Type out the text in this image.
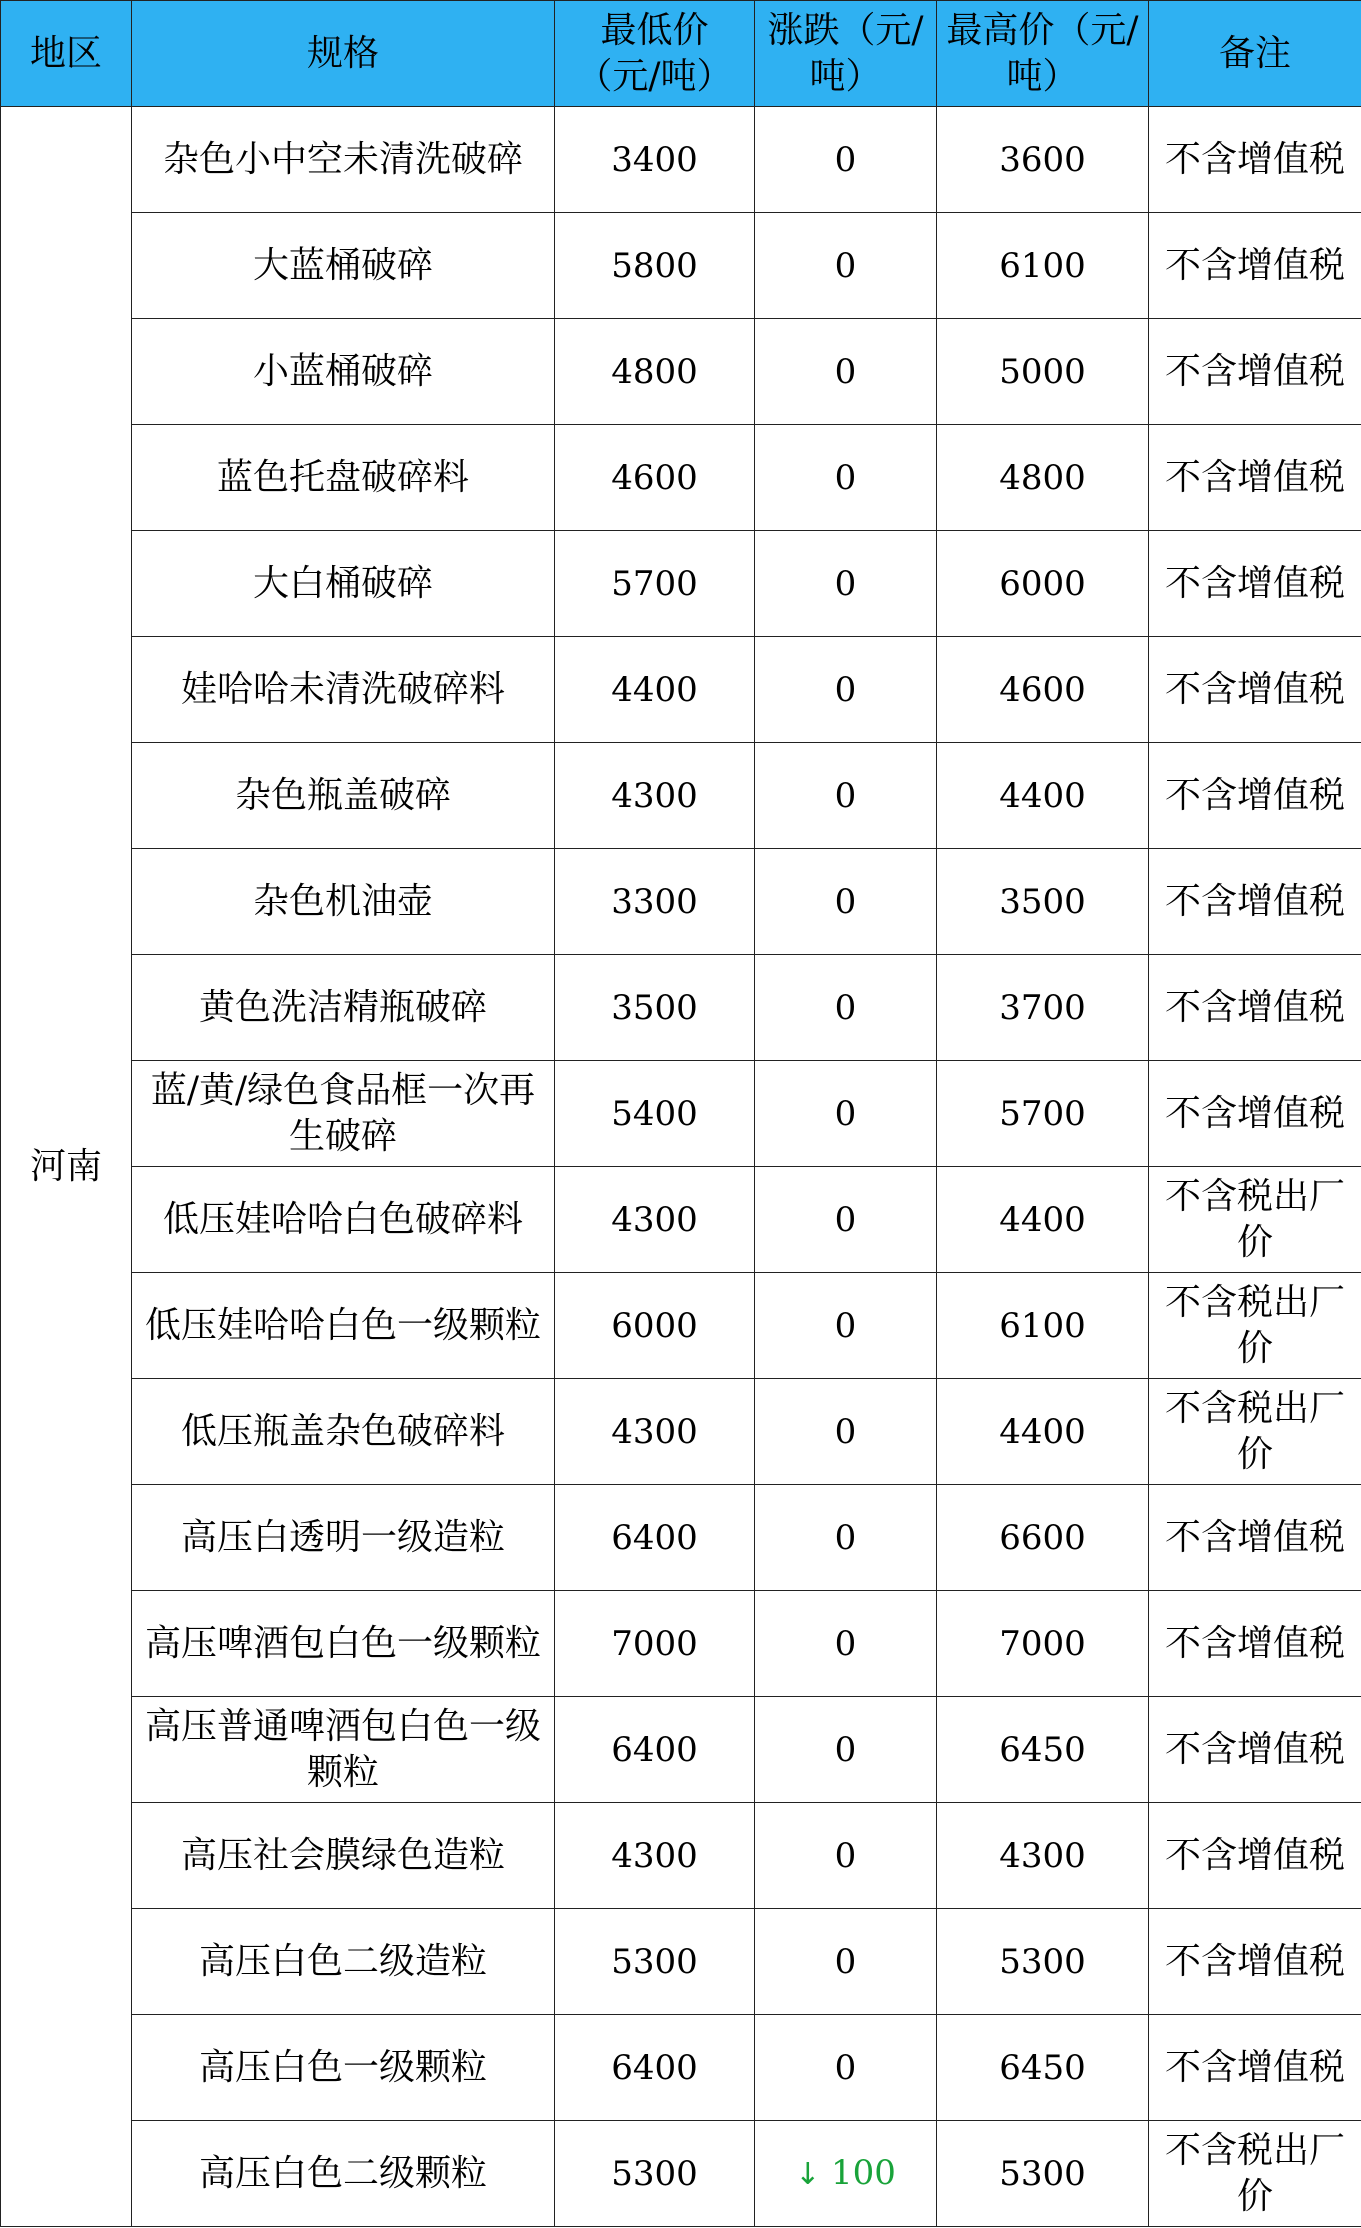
地区	规格	最低价（元/吨）	涨跌（元/吨）	最高价（元/吨）	备注
河南	杂色小中空未清洗破碎	3400	0	3600	不含增值税
	大蓝桶破碎	5800	0	6100	不含增值税
	小蓝桶破碎	4800	0	5000	不含增值税
	蓝色托盘破碎料	4600	0	4800	不含增值税
	大白桶破碎	5700	0	6000	不含增值税
	娃哈哈未清洗破碎料	4400	0	4600	不含增值税
	杂色瓶盖破碎	4300	0	4400	不含增值税
	杂色机油壶	3300	0	3500	不含增值税
	黄色洗洁精瓶破碎	3500	0	3700	不含增值税
	蓝/黄/绿色食品框一次再生破碎	5400	0	5700	不含增值税
	低压娃哈哈白色破碎料	4300	0	4400	不含税出厂价
	低压娃哈哈白色一级颗粒	6000	0	6100	不含税出厂价
	低压瓶盖杂色破碎料	4300	0	4400	不含税出厂价
	高压白透明一级造粒	6400	0	6600	不含增值税
	高压啤酒包白色一级颗粒	7000	0	7000	不含增值税
	高压普通啤酒包白色一级颗粒	6400	0	6450	不含增值税
	高压社会膜绿色造粒	4300	0	4300	不含增值税
	高压白色二级造粒	5300	0	5300	不含增值税
	高压白色一级颗粒	6400	0	6450	不含增值税
	高压白色二级颗粒	5300	↓ 100	5300	不含税出厂价
